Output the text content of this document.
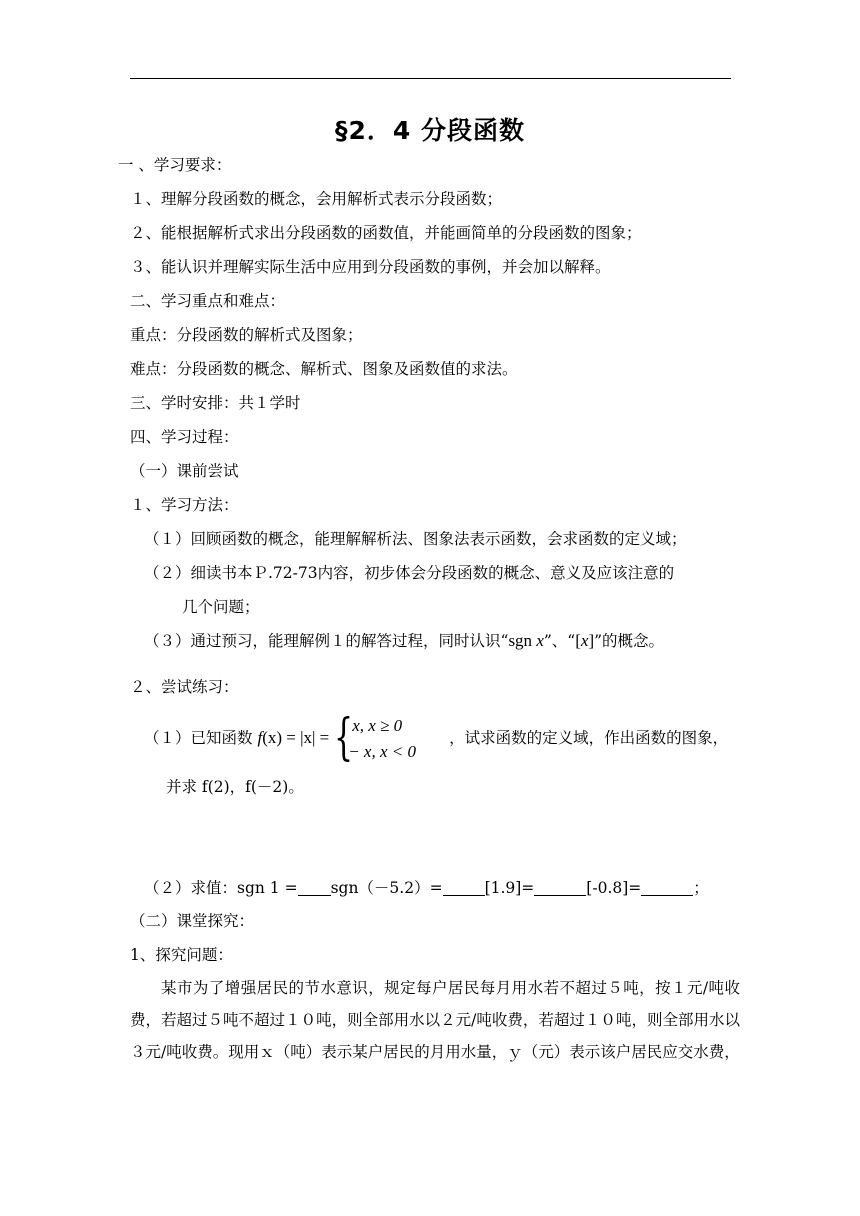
§2．4 分段函数
一 、学习要求：
１、理解分段函数的概念，会用解析式表示分段函数；
２、能根据解析式求出分段函数的函数值，并能画简单的分段函数的图象；
３、能认识并理解实际生活中应用到分段函数的事例，并会加以解释。
二、学习重点和难点：
重点：分段函数的解析式及图象；
难点：分段函数的概念、解析式、图象及函数值的求法。
三、学时安排：共１学时
四、学习过程：
（一）课前尝试
１、学习方法：
（１）回顾函数的概念，能理解解析法、图象法表示函数，会求函数的定义域；
（２）细读书本Ｐ.72-73内容，初步体会分段函数的概念、意义及应该注意的
几个问题；
（３）通过预习，能理解例１的解答过程，同时认识“sgn x”、“[x]”的概念。
２、尝试练习：
（１）已知函数 f(x) = |x| = {
x, x ≥ 0
− x, x < 0
，试求函数的定义域，作出函数的图象，
并求 f(2)，f(－2)。
（２）求值：sgn 1 = sgn（－5.2）=	[1.9]=	[-0.8]=	；
（二）课堂探究：
1、探究问题：
某市为了增强居民的节水意识，规定每户居民每月用水若不超过５吨，按１元/吨收费，若超过５吨不超过１０吨，则全部用水以２元/吨收费，若超过１０吨，则全部用水以３元/吨收费。现用ｘ（吨）表示某户居民的月用水量，ｙ（元）表示该户居民应交水费，
